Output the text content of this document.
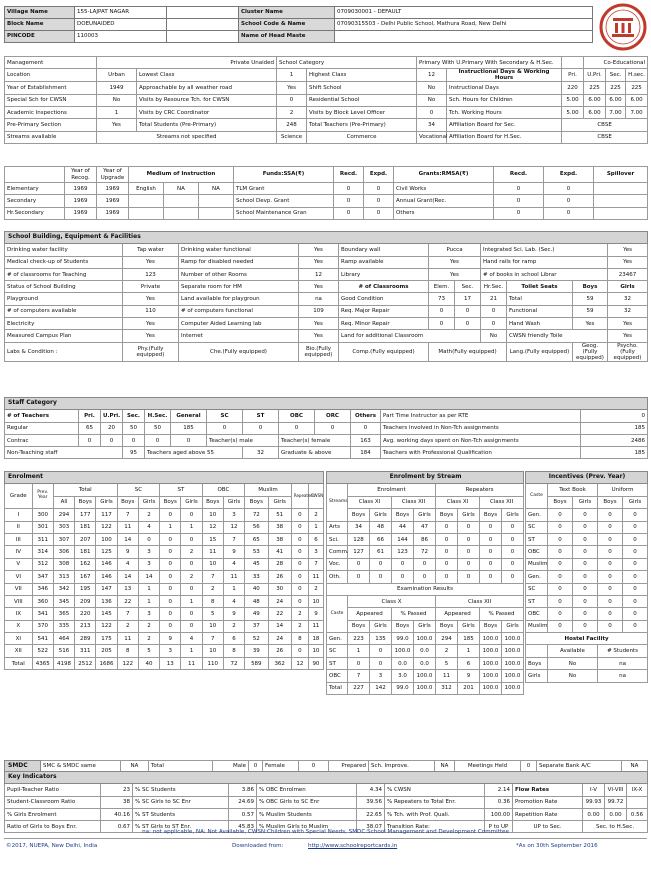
Village Name	155-LAJPAT NAGAR		Cluster Name	0709030001 - DEFAULT
Block Name	DOEUNAIDED		School Code & Name	07090315503 - Delhi Public School, Mathura Road, New Delhi
PINCODE	110003		Name of Head Maste	
Management	Private Unaided		School Category		Primary With U.Primary With Secondary & H.Sec.			Co-Educational		
Location	Urban	Lowest Class	1	Highest Class	12	Instructional Days & Working Hours	Pri.	U.Pri.	Sec.	H.sec.
Year of Establishment	1949	Approachable by all weather road	Yes	Shift School	No	Instructional Days	220	225	225	225
Special Sch for CWSN	No	Visits by Resource Tch. for CWSN	0	Residential School	No	Sch. Hours for Children	5.00	6.00	6.00	6.00
Academic Inspections	1	Visits by CRC Coordinator	2	Visits by Block Level Officer	0	Tch. Working Hours	5.00	6.00	7.00	7.00
Pre-Primary Section	Yes	Total Students (Pre-Primary)	248	Total Teachers (Pre-Primary)	34	Affiliation Board for Sec.	CBSE			
Streams available	Streams not specified		Science	Commerce	Vocational	Affiliation Board for H.Sec.	CBSE			
	Year of Recog.	Year of Upgrade	Medium of Instruction			Funds:SSA(₹)	Recd.	Expd.	Grants:RMSA(₹)	Recd.	Expd.	Spillover
Elementary	1969	1969	English	NA	NA	TLM Grant	0	0	Civil Works	0	0	
Secondary	1969	1969				School Devp. Grant	0	0	Annual Grant(Rec.	0	0	
Hr.Secondary	1969	1969				School Maintenance Gran	0	0	Others	0	0	
School Building, Equipment & Facilities										
Drinking water facility	Tap water	Drinking water functional	Yes	Boundary wall	Pucca		Integrated Sci. Lab. (Sec.)			Yes
Medical check-up of Students	Yes	Ramp for disabled needed	Yes	Ramp available	Yes		Hand rails for ramp			Yes
# of classrooms for Teaching	123	Number of other Rooms	12	Library	Yes		# of books in school Librar			23467
Status of School Building	Private	Separate room for HM	Yes	# of Classrooms	Elem.	Sec.	Hr.Sec.	Toilet Seats	Boys	Girls
Playground	Yes	Land available for playgroun	na	Good Condition	73	17	21	Total	59	32
# of computers available	110	# of computers functional	109	Req. Major Repair	0	0	0	Functional	59	32
Electricity	Yes	Computer Aided Learning lab	Yes	Req. Minor Repair	0	0	0	Hand Wash	Yes	Yes
Measured Campus Plan	Yes	Internet	Yes	Land for additional Classroom			No	CWSN friendly Toile		Yes
Labs & Condition :	Phy.(Fully equipped)	Che.(Fully equipped)	Bio.(Fully equipped)	Comp.(Fully equipped)	Math(Fully equipped)			Lang.(Fully equipped)	Geog.(Fully equipped)	Psycho.(Fully equipped)
Staff Category												
# of Teachers	Pri.	U.Pri.	Sec.	H.Sec.	General	SC	ST	OBC	ORC	Others	Part Time Instructor as per RTE	0
Regular	65	20	50	50	185	0	0	0	0	0	Teachers involved in Non-Tch assignments	185
Contrac	0	0	0	0	0	Teacher(s) male		Teacher(s) female		163	Avg. working days spent on Non-Tch assignments	2486
Non-Teaching staff			95	Teachers aged above 55			32	Graduate & above		184	Teachers with Professional Qualification	185
Enrolment														
Grade	Prev. Year	Total			SC		ST		OBC		Muslim		Repeaters	CWSN
		All	Boys	Girls	Boys	Girls	Boys	Girls	Boys	Girls	Boys	Girls		
I	300	294	177	117	7	2	0	0	10	3	72	51	0	2
II	301	303	181	122	11	4	1	1	12	12	56	38	0	1
III	311	307	207	100	14	0	0	0	15	7	65	38	0	6
IV	314	306	181	125	9	3	0	2	11	9	53	41	0	3
V	312	308	162	146	4	3	0	0	10	4	45	28	0	7
VI	347	313	167	146	14	14	0	2	7	11	33	26	0	11
VII	346	342	195	147	13	1	0	0	2	1	40	30	0	2
VIII	360	345	209	136	22	1	0	1	8	4	48	24	0	10
IX	341	365	220	145	7	3	0	0	5	9	49	22	2	9
X	370	335	213	122	2	2	0	0	10	2	37	14	2	11
XI	541	464	289	175	11	2	9	4	7	6	52	24	8	18
XII	522	516	311	205	8	5	3	1	10	8	39	26	0	10
Total	4365	4198	2512	1686	122	40	13	11	110	72	589	362	12	90
Enrolment by Stream								
Streams	Enrolment				Repeaters			
	Class XI		Class XII		Class XI		Class XII	
	Boys	Girls	Boys	Girls	Boys	Girls	Boys	Girls
Arts	34	48	44	47	0	0	0	0
Sci.	128	66	144	86	0	0	0	0
Comm.	127	61	123	72	0	0	0	0
Voc.	0	0	0	0	0	0	0	0
Oth.	0	0	0	0	0	0	0	0
Examination Results								
Caste	Class X				Class XII			
	Appeared		% Passed		Appeared		% Passed	
	Boys	Girls	Boys	Girls	Boys	Girls	Boys	Girls
Gen.	223	135	99.0	100.0	294	185	100.0	100.0
SC	1	0	100.0	0.0	2	1	100.0	100.0
ST	0	0	0.0	0.0	5	6	100.0	100.0
OBC	7	3	3.0	100.0	11	9	100.0	100.0
Total	227	142	99.0	100.0	312	201	100.0	100.0
Incentives (Prev. Year)				
Caste	Text Book		Uniform	
	Boys	Girls	Boys	Girls
Gen.	0	0	0	0
SC	0	0	0	0
ST	0	0	0	0
OBC	0	0	0	0
Muslim	0	0	0	0
Gen.	0	0	0	0
SC	0	0	0	0
ST	0	0	0	0
OBC	0	0	0	0
Muslim	0	0	0	0
Hostel Facility				
	Available		# Students	
Boys	No		na	
Girls	No		na	
SMDC	SMC & SMDC same	NA	Total	Male	0	Female	0	Prepared	Sch. Improve.	NA	Meetings Held	0	Separate Bank A/C	NA
Key Indicators											
Pupil-Teacher Ratio	23	% SC Students	3.86	% OBC Enrolmen	4.34	% CWSN	2.14	Flow Rates	I-V	VI-VIII	IX-X
Student-Classroom Ratio	38	% SC Girls to SC Enr	24.69	% OBC Girls to SC Enr	39.56	% Repeaters to Total Enr.	0.36	Promotion Rate	99.93	99.72	
% Girls Enrolment	40.16	% ST Students	0.57	% Muslim Students	22.65	% Tch. with Prof. Quali.	100.00	Repetition Rate	0.00	0.00	0.56
Ratio of Girls to Boys Enr.	0.67	% ST Girls to ST Enr.	45.83	% Muslim Girls to Muslim	38.07	Transition Rate:	P to UP	UP to Sec.	Sec. to H.Sec.		
na: not applicable, NA: Not Available, CWSN:Children with Special Needs, SMDC:School Management and Development Committee
©2017, NUEPA, New Delhi, India	Downloaded from:	http://www.schoolreportcards.in	*As on 30th September 2016
